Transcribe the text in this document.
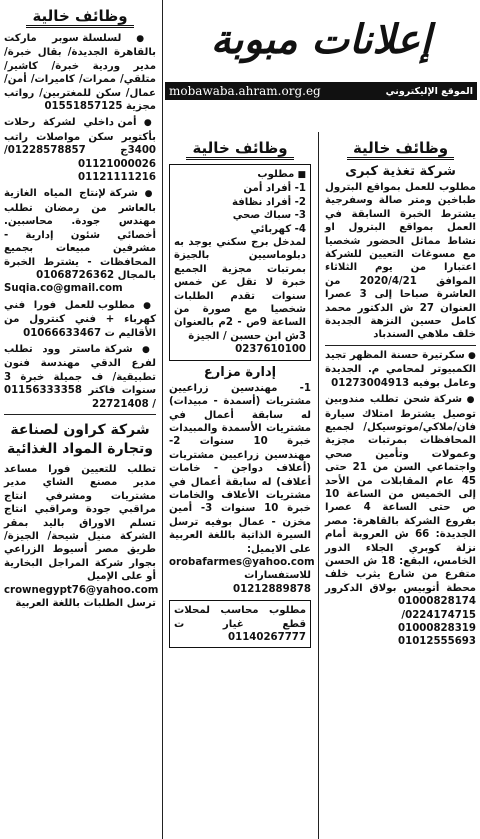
وظائف خالية

● لسلسلة سوبر ماركت بالقاهرة الجديدة/ بقال خبرة/ مدير وردية خبرة/ كاشير/ متلقي/ ممرات/ كاميرات/ أمن/ عمال/ سكن للمغتربين/ رواتب مجزية 01551857125

● أمن داخلي لشركة رحلات بأكتوبر سكن مواصلات راتب 3400ج 01228578857/ 01121000026 01121111216

● شركة لإنتاج المياه الغازية بالعاشر من رمضان تطلب مهندس جودة. محاسبين. أخصائي شئون إدارية - مشرفين مبيعات بجميع المحافظات - يشترط الخبرة بالمجال 01068726362

Suqia.co@gmail.com

● مطلوب للعمل فورا فني كهرباء + فني كنترول من الأقاليم ت 01066633467

● شركة ماستر وود تطلب لفرع الدقي مهندسة فنون تطبيقية/ ف جميلة خبرة 3 سنوات فاكتر 01156333358 / 22721408

شركة كراون لصناعة وتجارة المواد الغذائية

تطلب للتعيين فورا مساعد مدير مصنع الشاي مدير مشتريات ومشرفي انتاج مراقبي جودة ومراقبي انتاج تسلم الاوراق باليد بمقر الشركة منيل شيحة/ الجيزة/ طريق مصر أسيوط الزراعي بجوار شركة المراجل البخارية أو على الإميل

crownegypt76@yahoo.com

ترسل الطلبات باللغة العربية

إعلانات مبوبة
mobawaba.ahram.org.eg	الموقع الإليكتروني
وظائف خالية

■ مطلوب

1- أفراد أمن

2- أفراد نظافة

3- سباك صحي

4- كهربائي

لمدخل برج سكني يوجد به دبلوماسيين بالجيزة بمرتبات مجزية الجميع خبرة لا تقل عن خمس سنوات تقدم الطلبات شخصيا مع صورة من الساعة 9ص - 2م بالعنوان 3ش ابن حسبن / الجيزة

0237610100

إدارة مزارع

1- مهندسين زراعيين مشتريات (أسمدة - مبيدات) له سابقة أعمال في مشتريات الأسمدة والمبيدات خبرة 10 سنوات 2- مهندسين زراعيين مشتريات (أعلاف دواجن - خامات أعلاف) له سابقة أعمال في مشتريات الأعلاف والخامات خبرة 10 سنوات 3- أمين مخزن - عمال بوفيه ترسل السيرة الذاتية باللغة العربية على الايميل:

orobafarmes@yahoo.com

للاستفسارات 01212889878

مطلوب محاسب لمحلات قطع غيار ت 01140267777

وظائف خالية
شركة تغذية كبرى

مطلوب للعمل بمواقع البترول طباخين ومتر صالة وسفرجية يشترط الخبرة السابقة في العمل بمواقع البترول او نشاط مماثل الحضور شخصيا مع مسوغات التعيين للشركة اعتبارا من يوم الثلاثاء الموافق 2020/4/21 من العاشرة صباحا إلى 3 عصرا العنوان 27 ش الدكتور محمد كامل حسين النزهة الجديدة خلف ملاهي السندباد

● سكرتيرة حسنة المظهر تجيد الكمبيوتر لمحامي م. الجديدة وعامل بوفيه 01273004913

● شركة شحن تطلب مندوبين توصيل يشترط امتلاك سيارة فان/ملاكي/موتوسيكل/ لجميع المحافظات بمرتبات مجزية وعمولات وتأمين صحي واجتماعي السن من 21 حتى 45 عام المقابلات من الأحد إلى الخميس من الساعة 10 ص حتى الساعة 4 عصرا بفروع الشركة بالقاهرة: مصر الجديدة: 66 ش العروبة أمام نزلة كوبري الجلاء الدور الخامس، البقع: 18 ش الحسن متفرع من شارع يثرب خلف محطة أتوبيس بولاق الدكرور 01000828174

0224174715/ 01000828319 01012555693
